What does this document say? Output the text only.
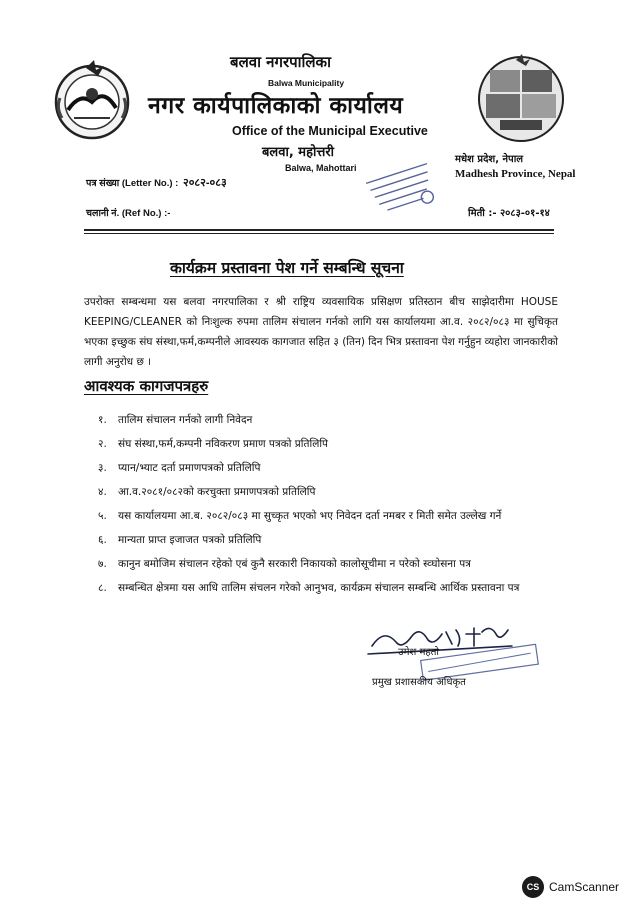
बलवा नगरपालिका
Balwa Municipality
नगर कार्यपालिकाको कार्यालय
Office of the Municipal Executive
बलवा, महोत्तरी
Balwa, Mahottari
मधेश प्रदेश, नेपाल
Madhesh Province, Nepal
पत्र संख्या (Letter No.) : २०८२-०८३
चलानी नं. (Ref No.) :-	मिती :- २०८३-०१-१४
कार्यक्रम प्रस्तावना पेश गर्ने सम्बन्धि सूचना
उपरोक्त सम्बन्धमा यस बलवा नगरपालिका र श्री राष्ट्रिय व्यवसायिक प्रसिक्षण प्रतिस्ठान बीच साझेदारीमा HOUSE KEEPING/CLEANER को निःशुल्क रुपमा तालिम संचालन गर्नको लागि यस कार्यालयमा आ.व. २०८२/०८३ मा सुचिकृत भएका इच्छुक संघ संस्था,फर्म,कम्पनीले आवस्यक कागजात सहित ३ (तिन) दिन भित्र प्रस्तावना पेश गर्नुहुन व्यहोरा जानकारीको लागी अनुरोध छ ।
आवश्यक कागजपत्रहरु
१. तालिम संचालन गर्नको लागी निवेदन
२. संघ संस्था,फर्म,कम्पनी नविकरण प्रमाण पत्रको प्रतिलिपि
३. प्यान/भ्याट दर्ता प्रमाणपत्रको प्रतिलिपि
४. आ.व.२०८१/०८२को करचुक्ता प्रमाणपत्रको प्रतिलिपि
५. यस कार्यालयमा आ.ब. २०८२/०८३ मा सुच्कृत भएको भए निवेदन दर्ता नमबर र मिती समेत उल्लेख गर्ने
६. मान्यता प्राप्त इजाजत पत्रको प्रतिलिपि
७. कानुन बमोजिम संचालन रहेको एबं कुनै सरकारी निकायको कालोसूचीमा न परेको स्व्घोसना पत्र
८. सम्बन्धित क्षेत्रमा यस आधि तालिम संचलन गरेको आनुभव, कार्यक्रम संचालन सम्बन्धि आर्थिक प्रस्तावना पत्र
उमेश महतो
प्रमुख प्रशासकीय अधिकृत
CS CamScanner
